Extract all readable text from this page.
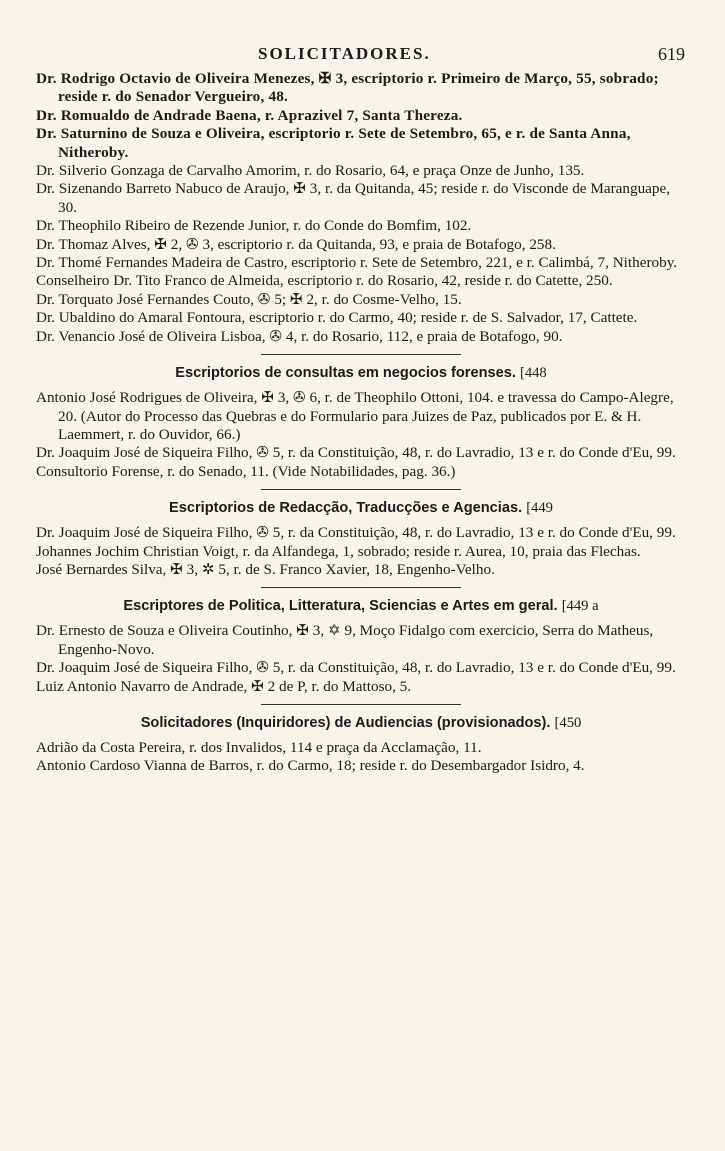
SOLICITADORES.	619

Dr. Rodrigo Octavio de Oliveira Menezes, ✠ 3, escriptorio r. Primeiro de Março, 55, sobrado; reside r. do Senador Vergueiro, 48.

Dr. Romualdo de Andrade Baena, r. Aprazivel 7, Santa Thereza.

Dr. Saturnino de Souza e Oliveira, escriptorio r. Sete de Setembro, 65, e r. de Santa Anna, Nitheroby.

Dr. Silverio Gonzaga de Carvalho Amorim, r. do Rosario, 64, e praça Onze de Junho, 135.

Dr. Sizenando Barreto Nabuco de Araujo, ✠ 3, r. da Quitanda, 45; reside r. do Visconde de Maranguape, 30.

Dr. Theophilo Ribeiro de Rezende Junior, r. do Conde do Bomfim, 102.

Dr. Thomaz Alves, ✠ 2, ✇ 3, escriptorio r. da Quitanda, 93, e praia de Botafogo, 258.

Dr. Thomé Fernandes Madeira de Castro, escriptorio r. Sete de Setembro, 221, e r. Calimbá, 7, Nitheroby.

Conselheiro Dr. Tito Franco de Almeida, escriptorio r. do Rosario, 42, reside r. do Catette, 250.

Dr. Torquato José Fernandes Couto, ✇ 5; ✠ 2, r. do Cosme-Velho, 15.

Dr. Ubaldino do Amaral Fontoura, escriptorio r. do Carmo, 40; reside r. de S. Salvador, 17, Cattete.

Dr. Venancio José de Oliveira Lisboa, ✇ 4, r. do Rosario, 112, e praia de Botafogo, 90.

Escriptorios de consultas em negocios forenses. [448

Antonio José Rodrigues de Oliveira, ✠ 3, ✇ 6, r. de Theophilo Ottoni, 104. e travessa do Campo-Alegre, 20. (Autor do Processo das Quebras e do Formulario para Juizes de Paz, publicados por E. & H. Laemmert, r. do Ouvidor, 66.)

Dr. Joaquim José de Siqueira Filho, ✇ 5, r. da Constituição, 48, r. do Lavradio, 13 e r. do Conde d'Eu, 99.

Consultorio Forense, r. do Senado, 11. (Vide Notabilidades, pag. 36.)

Escriptorios de Redacção, Traducções e Agencias. [449

Dr. Joaquim José de Siqueira Filho, ✇ 5, r. da Constituição, 48, r. do Lavradio, 13 e r. do Conde d'Eu, 99.

Johannes Jochim Christian Voigt, r. da Alfandega, 1, sobrado; reside r. Aurea, 10, praia das Flechas.

José Bernardes Silva, ✠ 3, ✲ 5, r. de S. Franco Xavier, 18, Engenho-Velho.

Escriptores de Politica, Litteratura, Sciencias e Artes em geral. [449 a

Dr. Ernesto de Souza e Oliveira Coutinho, ✠ 3, ✡ 9, Moço Fidalgo com exercicio, Serra do Matheus, Engenho-Novo.

Dr. Joaquim José de Siqueira Filho, ✇ 5, r. da Constituição, 48, r. do Lavradio, 13 e r. do Conde d'Eu, 99.

Luiz Antonio Navarro de Andrade, ✠ 2 de P, r. do Mattoso, 5.

Solicitadores (Inquiridores) de Audiencias (provisionados). [450

Adrião da Costa Pereira, r. dos Invalidos, 114 e praça da Acclamação, 11.

Antonio Cardoso Vianna de Barros, r. do Carmo, 18; reside r. do Desembargador Isidro, 4.
